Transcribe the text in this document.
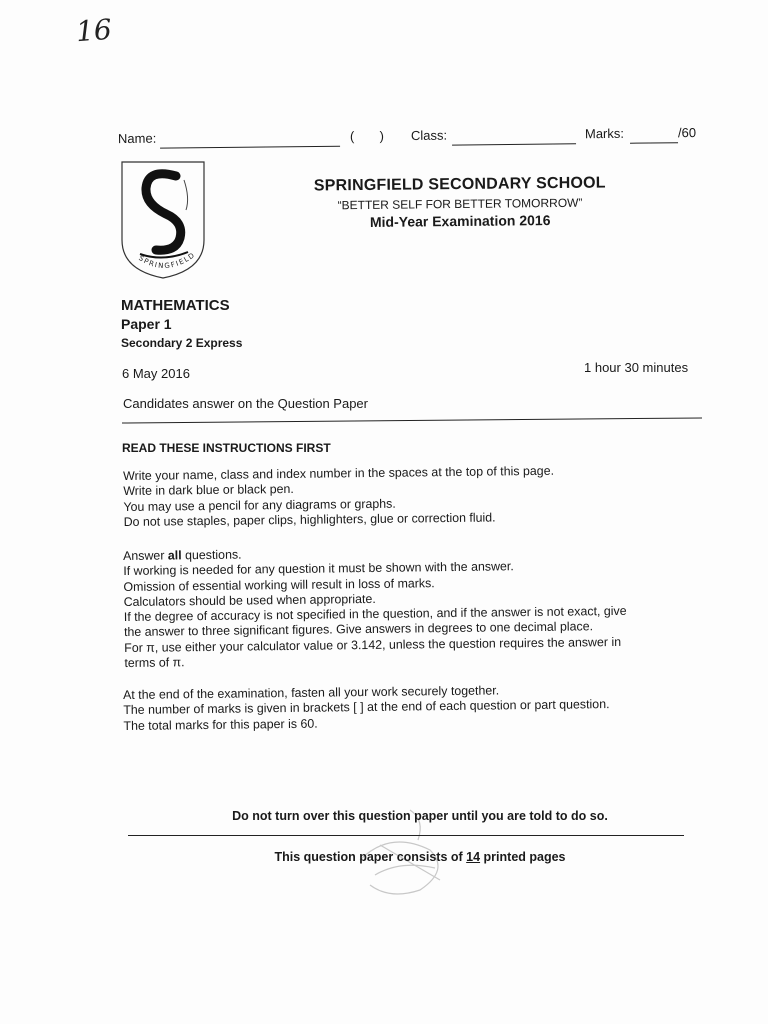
16
Name:	(       ) Class:	Marks:	/60
SPRINGFIELD
SPRINGFIELD SECONDARY SCHOOL
“BETTER SELF FOR BETTER TOMORROW”
Mid-Year Examination 2016
MATHEMATICS
Paper 1
Secondary 2 Express
6 May 2016	1 hour 30 minutes
Candidates answer on the Question Paper
READ THESE INSTRUCTIONS FIRST

Write your name, class and index number in the spaces at the top of this page.

Write in dark blue or black pen.

You may use a pencil for any diagrams or graphs.

Do not use staples, paper clips, highlighters, glue or correction fluid.

Answer all questions.

If working is needed for any question it must be shown with the answer.

Omission of essential working will result in loss of marks.

Calculators should be used when appropriate.

If the degree of accuracy is not specified in the question, and if the answer is not exact, give

the answer to three significant figures. Give answers in degrees to one decimal place.

For π, use either your calculator value or 3.142, unless the question requires the answer in

terms of π.

At the end of the examination, fasten all your work securely together.

The number of marks is given in brackets [ ] at the end of each question or part question.

The total marks for this paper is 60.

Do not turn over this question paper until you are told to do so.
This question paper consists of 14 printed pages
